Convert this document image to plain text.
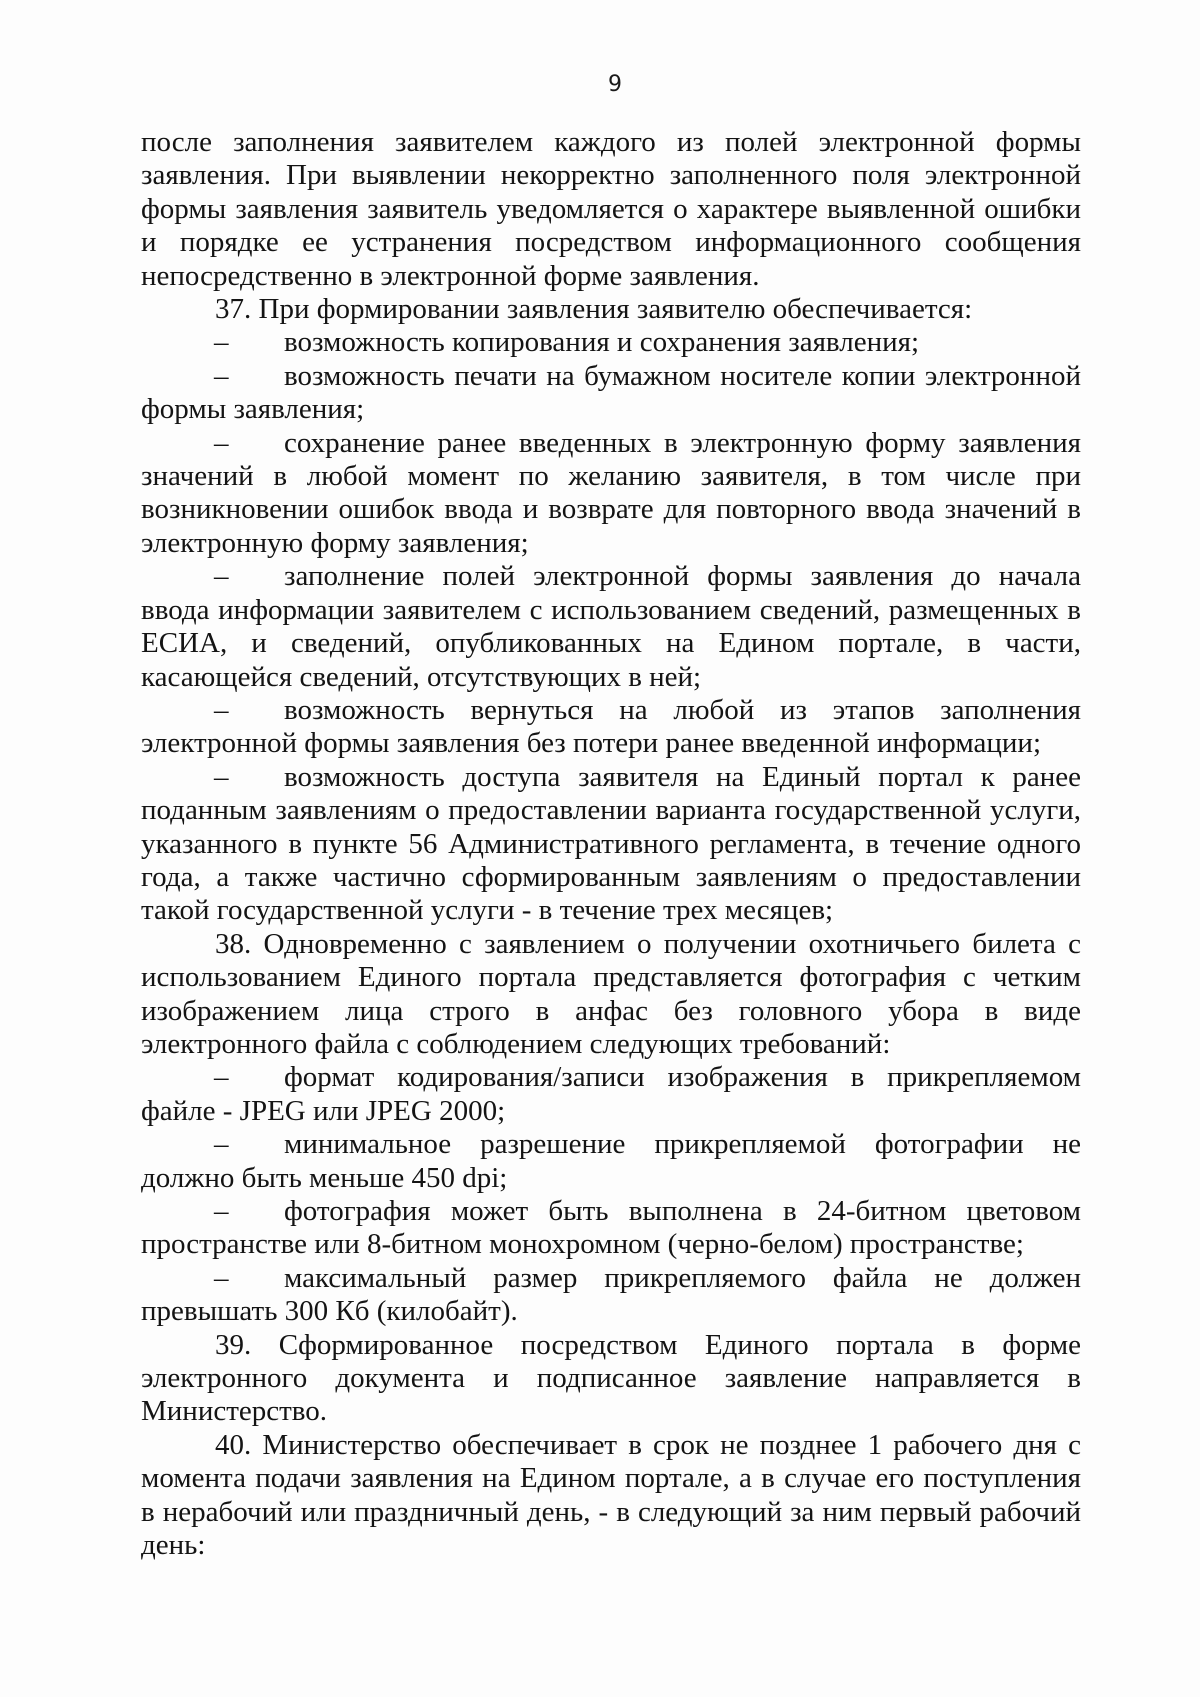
9

после заполнения заявителем каждого из полей электронной формы заявления. При выявлении некорректно заполненного поля электронной формы заявления заявитель уведомляется о характере выявленной ошибки и порядке ее устранения посредством информационного сообщения непосредственно в электронной форме заявления.

37. При формировании заявления заявителю обеспечивается:

– возможность копирования и сохранения заявления;

– возможность печати на бумажном носителе копии электронной формы заявления;

– сохранение ранее введенных в электронную форму заявления значений в любой момент по желанию заявителя, в том числе при возникновении ошибок ввода и возврате для повторного ввода значений в электронную форму заявления;

– заполнение полей электронной формы заявления до начала ввода информации заявителем с использованием сведений, размещенных в ЕСИА, и сведений, опубликованных на Едином портале, в части, касающейся сведений, отсутствующих в ней;

– возможность вернуться на любой из этапов заполнения электронной формы заявления без потери ранее введенной информации;

– возможность доступа заявителя на Единый портал к ранее поданным заявлениям о предоставлении варианта государственной услуги, указанного в пункте 56 Административного регламента, в течение одного года, а также частично сформированным заявлениям о предоставлении такой государственной услуги - в течение трех месяцев;

38. Одновременно с заявлением о получении охотничьего билета с использованием Единого портала представляется фотография с четким изображением лица строго в анфас без головного убора в виде электронного файла с соблюдением следующих требований:

– формат кодирования/записи изображения в прикрепляемом файле - JPEG или JPEG 2000;

– минимальное разрешение прикрепляемой фотографии не должно быть меньше 450 dpi;

– фотография может быть выполнена в 24-битном цветовом пространстве или 8-битном монохромном (черно-белом) пространстве;

– максимальный размер прикрепляемого файла не должен превышать 300 Кб (килобайт).

39. Сформированное посредством Единого портала в форме электронного документа и подписанное заявление направляется в Министерство.

40. Министерство обеспечивает в срок не позднее 1 рабочего дня с момента подачи заявления на Едином портале, а в случае его поступления в нерабочий или праздничный день, - в следующий за ним первый рабочий день:
